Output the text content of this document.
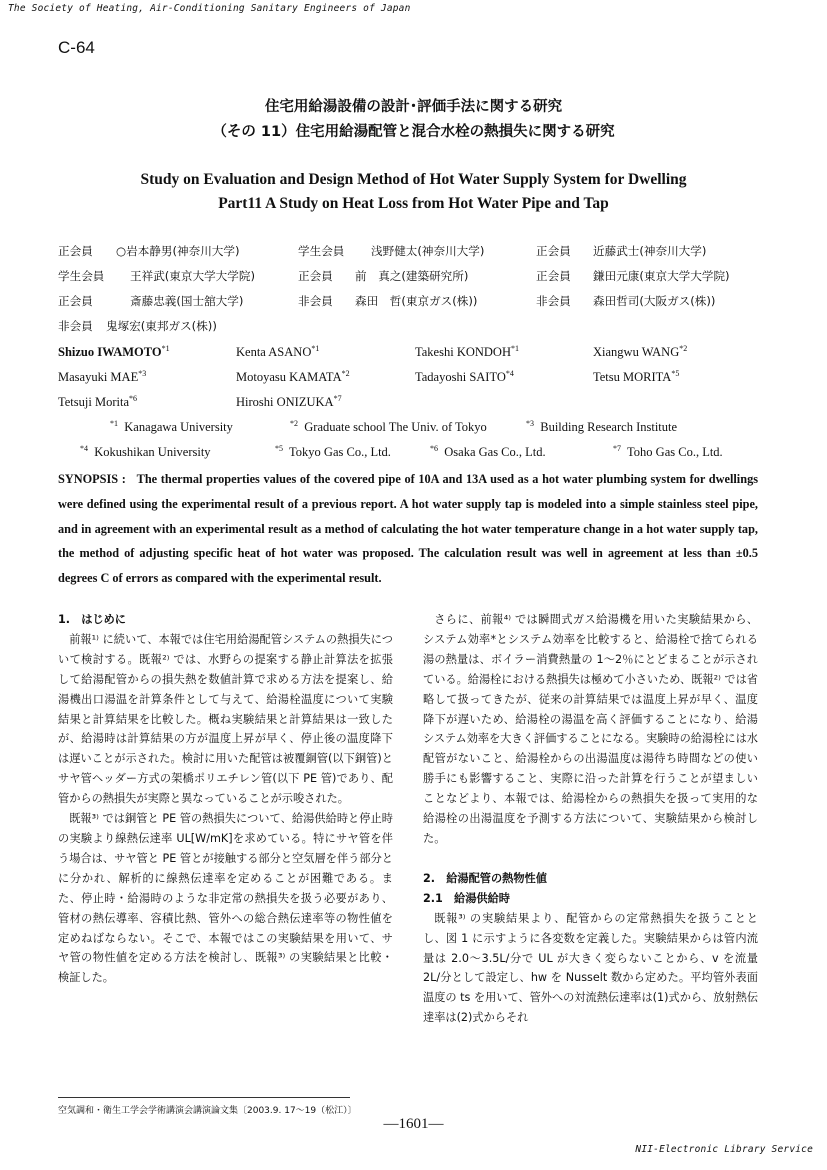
The Society of Heating, Air-Conditioning Sanitary Engineers of Japan
C-64
住宅用給湯設備の設計･評価手法に関する研究
（その 11）住宅用給湯配管と混合水栓の熱損失に関する研究
Study on Evaluation and Design Method of Hot Water Supply System for Dwelling
Part11 A Study on Heat Loss from Hot Water Pipe and Tap
正会員 ○岩本静男(神奈川大学)	学生会員 浅野健太(神奈川大学)	正会員 近藤武士(神奈川大学)
学生会員 王祥武(東京大学大学院)	正会員 前　真之(建築研究所)	正会員 鎌田元康(東京大学大学院)
正会員	斎藤忠義(国士舘大学)	非会員 森田　哲(東京ガス(株))	非会員 森田哲司(大阪ガス(株))
非会員 鬼塚宏(東邦ガス(株))
Shizuo IWAMOTO$^{*1}$	Kenta ASANO$^{*1}$	Takeshi KONDOH$^{*1}$	Xiangwu WANG$^{*2}$
Masayuki MAE$^{*3}$	Motoyasu KAMATA$^{*2}$	Tadayoshi SAITO$^{*4}$	Tetsu MORITA$^{*5}$
Tetsuji Morita$^{*6}$	Hiroshi ONIZUKA$^{*7}$
$^{*1}$ Kanagawa University	$^{*2}$ Graduate school The Univ. of Tokyo	$^{*3}$ Building Research Institute
$^{*4}$ Kokushikan University	$^{*5}$ Tokyo Gas Co., Ltd.	$^{*6}$ Osaka Gas Co., Ltd.	$^{*7}$ Toho Gas Co., Ltd.
SYNOPSIS :   The thermal properties values of the covered pipe of 10A and 13A used as a hot water plumbing system for dwellings were defined using the experimental result of a previous report. A hot water supply tap is modeled into a simple stainless steel pipe, and in agreement with an experimental result as a method of calculating the hot water temperature change in a hot water supply tap, the method of adjusting specific heat of hot water was proposed. The calculation result was well in agreement at less than ±0.5 degrees C of errors as compared with the experimental result.

1.　はじめに

前報¹⁾ に続いて、本報では住宅用給湯配管システムの熱損失について検討する。既報²⁾ では、水野らの提案する静止計算法を拡張して給湯配管からの損失熱を数値計算で求める方法を提案し、給湯機出口湯温を計算条件として与えて、給湯栓温度について実験結果と計算結果を比較した。概ね実験結果と計算結果は一致したが、給湯時は計算結果の方が温度上昇が早く、停止後の温度降下は遅いことが示された。検討に用いた配管は被覆銅管(以下銅管)とサヤ管ヘッダー方式の架橋ポリエチレン管(以下 PE 管)であり、配管からの熱損失が実際と異なっていることが示唆された。

既報³⁾ では銅管と PE 管の熱損失について、給湯供給時と停止時の実験より線熱伝達率 UL[W/mK]を求めている。特にサヤ管を伴う場合は、サヤ管と PE 管とが接触する部分と空気層を伴う部分とに分かれ、解析的に線熱伝達率を定めることが困難である。また、停止時・給湯時のような非定常の熱損失を扱う必要があり、管材の熱伝導率、容積比熱、管外への総合熱伝達率等の物性値を定めねばならない。そこで、本報ではこの実験結果を用いて、サヤ管の物性値を定める方法を検討し、既報³⁾ の実験結果と比較・検証した。

さらに、前報⁴⁾ では瞬間式ガス給湯機を用いた実験結果から、システム効率*とシステム効率を比較すると、給湯栓で捨てられる湯の熱量は、ボイラー消費熱量の 1～2％にとどまることが示されている。給湯栓における熱損失は極めて小さいため、既報²⁾ では省略して扱ってきたが、従来の計算結果では温度上昇が早く、温度降下が遅いため、給湯栓の湯温を高く評価することになり、給湯システム効率を大きく評価することになる。実験時の給湯栓には水配管がないこと、給湯栓からの出湯温度は湯待ち時間などの使い勝手にも影響すること、実際に沿った計算を行うことが望ましいことなどより、本報では、給湯栓からの熱損失を扱って実用的な給湯栓の出湯温度を予測する方法について、実験結果から検討した。

2.　給湯配管の熱物性値

2.1　給湯供給時

既報³⁾ の実験結果より、配管からの定常熱損失を扱うこととし、図 1 に示すように各変数を定義した。実験結果からは管内流量は 2.0～3.5L/分で UL が大きく変らないことから、v を流量 2L/分として設定し、hw を Nusselt 数から定めた。平均管外表面温度の ts を用いて、管外への対流熱伝達率は(1)式から、放射熱伝達率は(2)式からそれ

空気調和・衛生工学会学術講演会講演論文集〔2003.9. 17～19（松江）〕
—1601—
NII-Electronic Library Service
